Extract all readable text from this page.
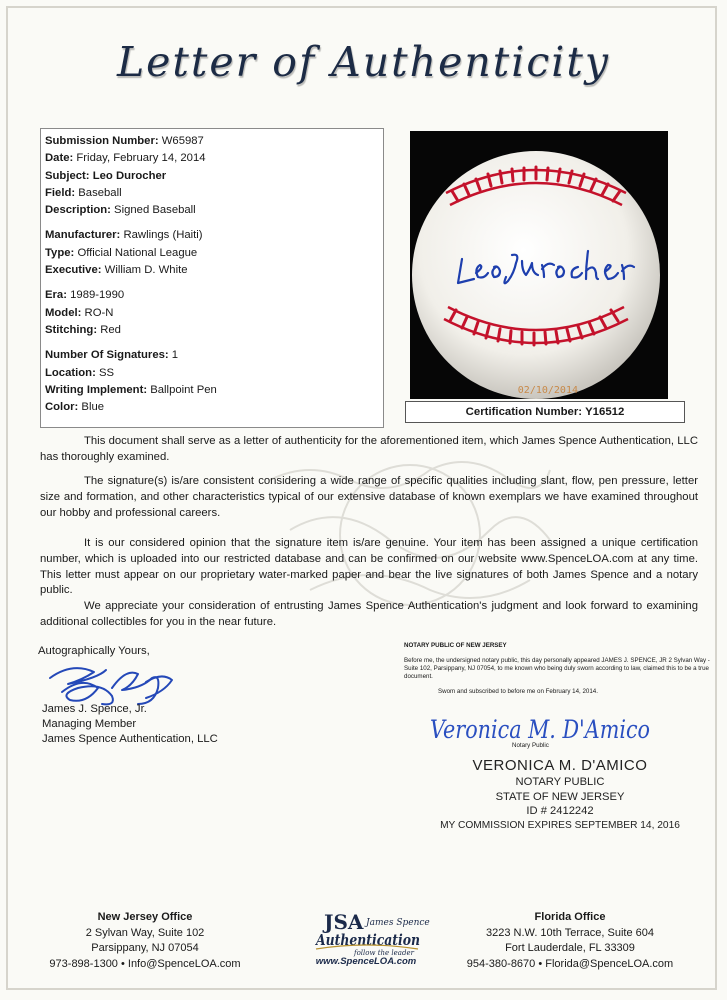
Letter of Authenticity
Submission Number: W65987
Date: Friday, February 14, 2014
Subject: Leo Durocher
Field: Baseball
Description: Signed Baseball
Manufacturer: Rawlings (Haiti)
Type: Official National League
Executive: William D. White
Era: 1989-1990
Model: RO-N
Stitching: Red
Number Of Signatures: 1
Location: SS
Writing Implement: Ballpoint Pen
Color: Blue
02/10/2014
Certification Number: Y16512

This document shall serve as a letter of authenticity for the aforementioned item, which James Spence Authentication, LLC has thoroughly examined.

The signature(s) is/are consistent considering a wide range of specific qualities including slant, flow, pen pressure, letter size and formation, and other characteristics typical of our extensive database of known exemplars we have examined throughout our hobby and professional careers.

It is our considered opinion that the signature item is/are genuine. Your item has been assigned a unique certification number, which is uploaded into our restricted database and can be confirmed on our website www.SpenceLOA.com at any time. This letter must appear on our proprietary water-marked paper and bear the live signatures of both James Spence and a notary public.

We appreciate your consideration of entrusting James Spence Authentication's judgment and look forward to examining additional collectibles for you in the near future.

Autographically Yours,
James J. Spence, Jr.
Managing Member
James Spence Authentication, LLC
NOTARY PUBLIC OF NEW JERSEY
Before me, the undersigned notary public, this day personally appeared JAMES J. SPENCE, JR 2 Sylvan Way - Suite 102, Parsippany, NJ 07054, to me known who being duly sworn according to law, claimed this to be a true document.
Swom and subscribed to before me on February 14, 2014.
Veronica M. D'Amico
Notary Public
VERONICA M. D'AMICO
NOTARY PUBLIC
STATE OF NEW JERSEY
ID # 2412242
MY COMMISSION EXPIRES SEPTEMBER 14, 2016
New Jersey Office
2 Sylvan Way, Suite 102
Parsippany, NJ 07054
973-898-1300 • Info@SpenceLOA.com
JSA James Spence
Authentication
follow the leader
www.SpenceLOA.com
Florida Office
3223 N.W. 10th Terrace, Suite 604
Fort Lauderdale, FL 33309
954-380-8670 • Florida@SpenceLOA.com
